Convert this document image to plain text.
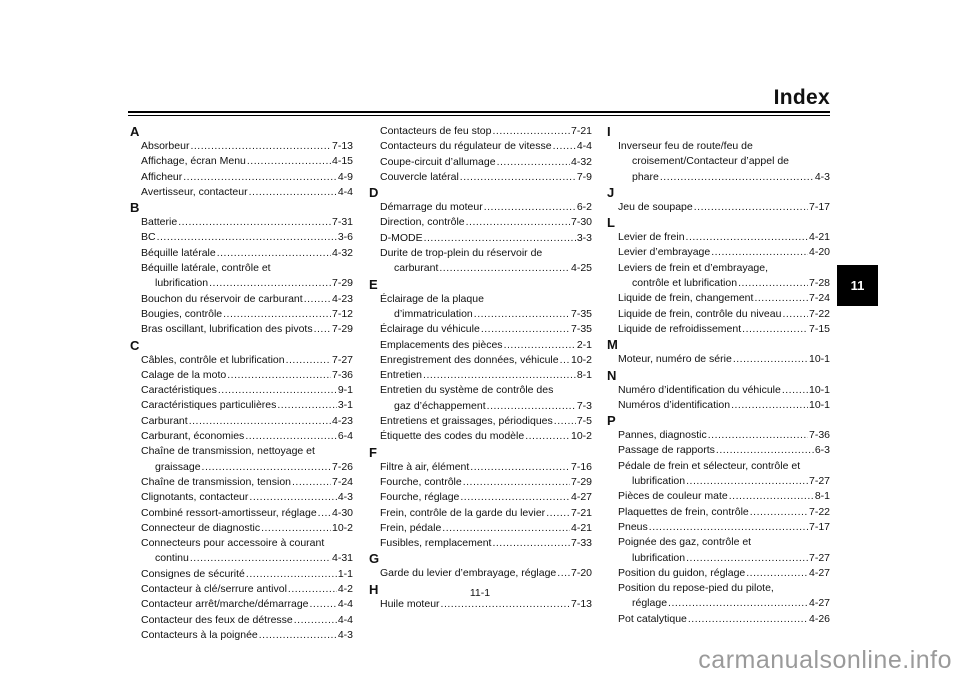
Index
A
Absorbeur .....	7-13
Affichage, écran Menu .....	4-15
Afficheur .....	4-9
Avertisseur, contacteur .....	4-4
B
Batterie .....	7-31
BC .....	3-6
Béquille latérale .....	4-32
Béquille latérale, contrôle et
lubrification .....	7-29
Bouchon du réservoir de carburant .....	4-23
Bougies, contrôle .....	7-12
Bras oscillant, lubrification des pivots ..... 7-29
C
Câbles, contrôle et lubrification .....	7-27
Calage de la moto .....	7-36
Caractéristiques .....	9-1
Caractéristiques particulières .....	3-1
Carburant .....	4-23
Carburant, économies .....	6-4
Chaîne de transmission, nettoyage et
graissage .....	7-26
Chaîne de transmission, tension .....	7-24
Clignotants, contacteur .....	4-3
Combiné ressort-amortisseur, réglage ..... 4-30
Connecteur de diagnostic .....	10-2
Connecteurs pour accessoire à courant
continu .....	4-31
Consignes de sécurité .....	1-1
Contacteur à clé/serrure antivol .....	4-2
Contacteur arrêt/marche/démarrage .....	4-4
Contacteur des feux de détresse .....	4-4
Contacteurs à la poignée .....	4-3
Contacteurs de feu stop .....	7-21
Contacteurs du régulateur de vitesse ..... 4-4
Coupe-circuit d’allumage .....	4-32
Couvercle latéral .....	7-9
D
Démarrage du moteur .....	6-2
Direction, contrôle .....	7-30
D-MODE .....	3-3
Durite de trop-plein du réservoir de
carburant .....	4-25
E
Éclairage de la plaque
d’immatriculation .....	7-35
Éclairage du véhicule .....	7-35
Emplacements des pièces .....	2-1
Enregistrement des données, véhicule ..... 10-2
Entretien .....	8-1
Entretien du système de contrôle des
gaz d’échappement .....	7-3
Entretiens et graissages, périodiques ..... 7-5
Étiquette des codes du modèle .....	10-2
F
Filtre à air, élément .....	7-16
Fourche, contrôle .....	7-29
Fourche, réglage .....	4-27
Frein, contrôle de la garde du levier ..... 7-21
Frein, pédale .....	4-21
Fusibles, remplacement .....	7-33
G
Garde du levier d’embrayage, réglage ..... 7-20
H
Huile moteur .....	7-13
I
Inverseur feu de route/feu de
croisement/Contacteur d’appel de
phare .....	4-3
J
Jeu de soupape .....	7-17
L
Levier de frein .....	4-21
Levier d’embrayage .....	4-20
Leviers de frein et d’embrayage,
contrôle et lubrification .....	7-28
Liquide de frein, changement .....	7-24
Liquide de frein, contrôle du niveau .....	7-22
Liquide de refroidissement .....	7-15
M
Moteur, numéro de série .....	10-1
N
Numéro d’identification du véhicule .....	10-1
Numéros d’identification .....	10-1
P
Pannes, diagnostic .....	7-36
Passage de rapports .....	6-3
Pédale de frein et sélecteur, contrôle et
lubrification .....	7-27
Pièces de couleur mate .....	8-1
Plaquettes de frein, contrôle .....	7-22
Pneus .....	7-17
Poignée des gaz, contrôle et
lubrification .....	7-27
Position du guidon, réglage .....	4-27
Position du repose-pied du pilote,
réglage .....	4-27
Pot catalytique .....	4-26
11
11-1
carmanualsonline.info
